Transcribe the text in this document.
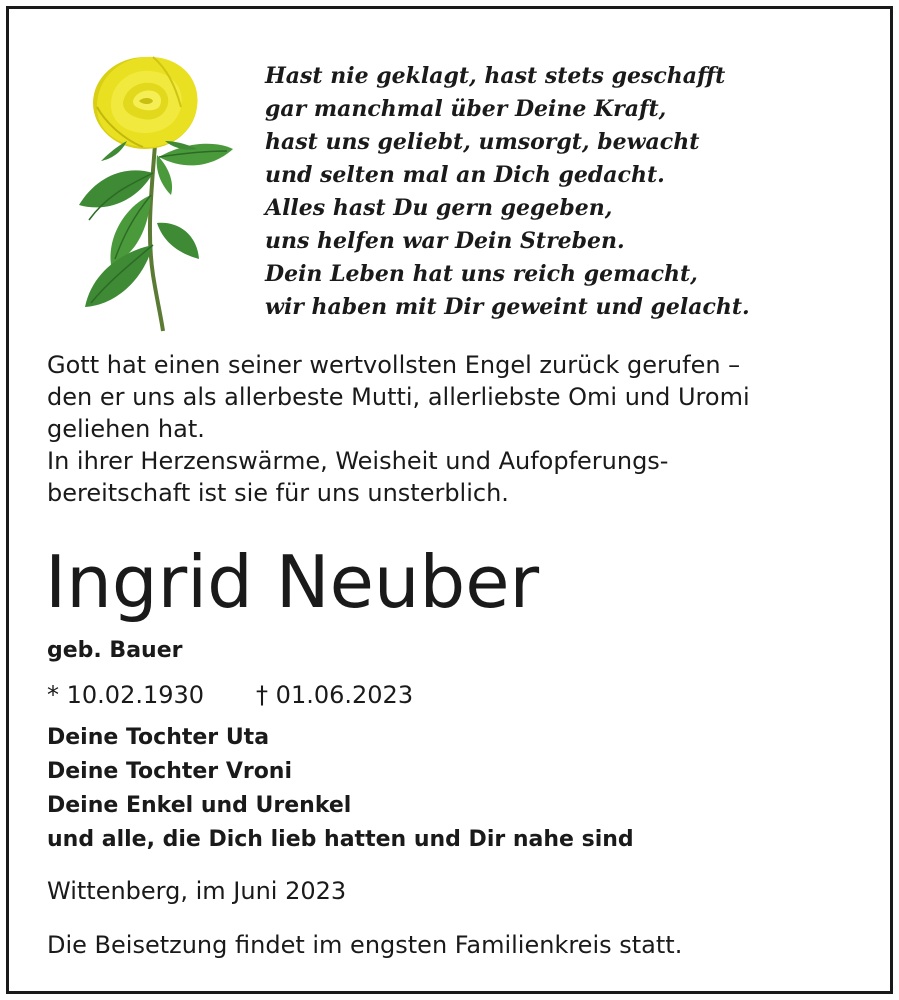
Hast nie geklagt, hast stets geschafft
gar manchmal über Deine Kraft,
hast uns geliebt, umsorgt, bewacht
und selten mal an Dich gedacht.
Alles hast Du gern gegeben,
uns helfen war Dein Streben.
Dein Leben hat uns reich gemacht,
wir haben mit Dir geweint und gelacht.
Gott hat einen seiner wertvollsten Engel zurück gerufen –
den er uns als allerbeste Mutti, allerliebste Omi und Uromi
geliehen hat.
In ihrer Herzenswärme, Weisheit und Aufopferungs-
bereitschaft ist sie für uns unsterblich.
Ingrid Neuber
geb. Bauer
* 10.02.1930 † 01.06.2023
Deine Tochter Uta
Deine Tochter Vroni
Deine Enkel und Urenkel
und alle, die Dich lieb hatten und Dir nahe sind
Wittenberg, im Juni 2023
Die Beisetzung findet im engsten Familienkreis statt.
